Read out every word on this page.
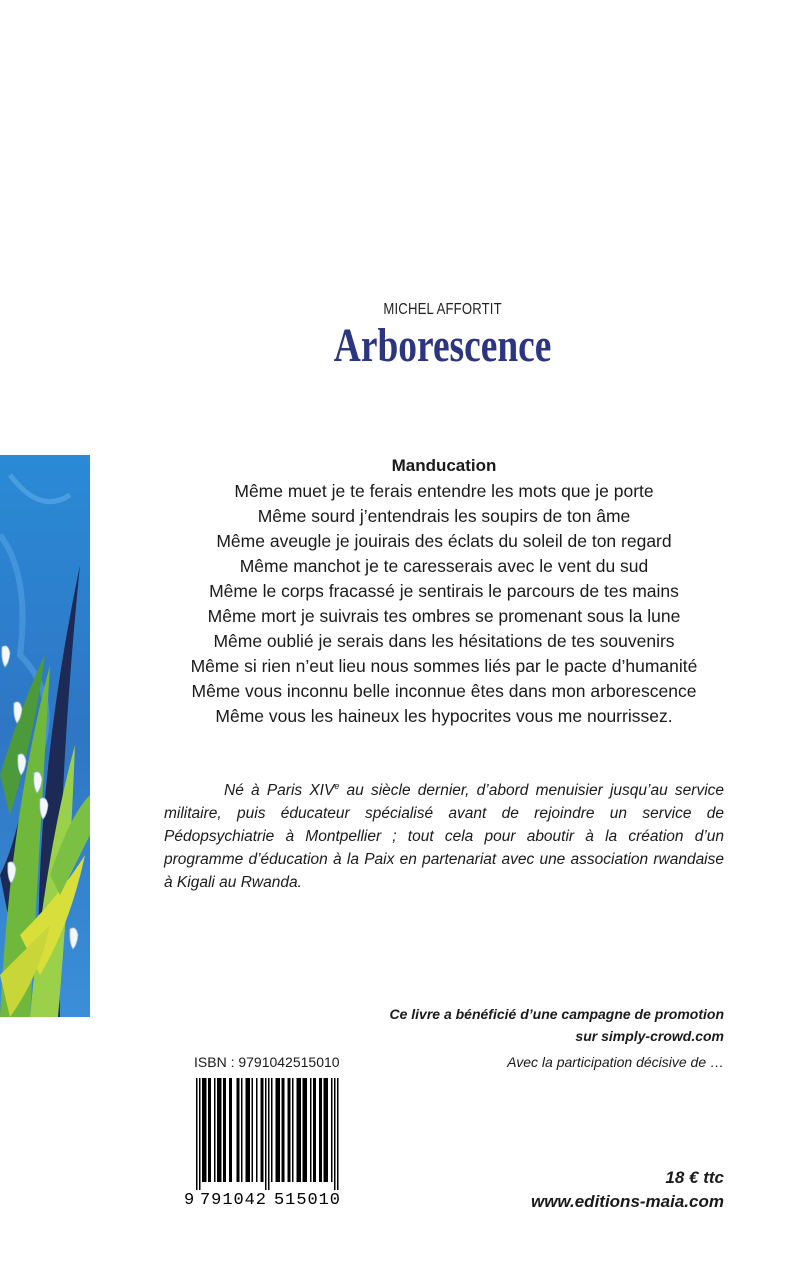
MICHEL AFFORTIT
Arborescence
Manducation
Même muet je te ferais entendre les mots que je porte
Même sourd j’entendrais les soupirs de ton âme
Même aveugle je jouirais des éclats du soleil de ton regard
Même manchot je te caresserais avec le vent du sud
Même le corps fracassé je sentirais le parcours de tes mains
Même mort je suivrais tes ombres se promenant sous la lune
Même oublié je serais dans les hésitations de tes souvenirs
Même si rien n’eut lieu nous sommes liés par le pacte d’humanité
Même vous inconnu belle inconnue êtes dans mon arborescence
Même vous les haineux les hypocrites vous me nourrissez.
Né à Paris XIVe au siècle dernier, d’abord menuisier jusqu’au service militaire, puis éducateur spécialisé avant de rejoindre un service de Pédopsychiatrie à Montpellier ; tout cela pour aboutir à la création d’un programme d’éducation à la Paix en partenariat avec une association rwandaise à Kigali au Rwanda.
Ce livre a bénéficié d’une campagne de promotion
sur simply-crowd.com
Avec la participation décisive de …
ISBN : 9791042515010
9 791042 515010
18 € ttc
www.editions-maia.com
